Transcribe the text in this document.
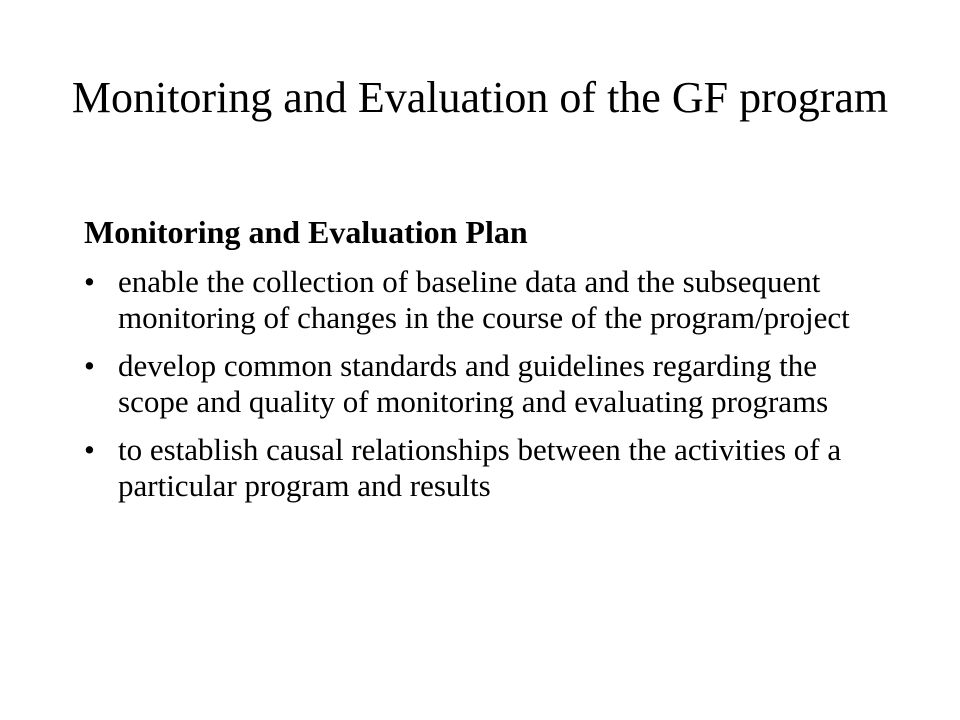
Monitoring and Evaluation of the GF program
Monitoring and Evaluation Plan
• enable the collection of baseline data and the subsequent monitoring of changes in the course of the program/project
• develop common standards and guidelines regarding the scope and quality of monitoring and evaluating programs
• to establish causal relationships between the activities of a particular program and results
